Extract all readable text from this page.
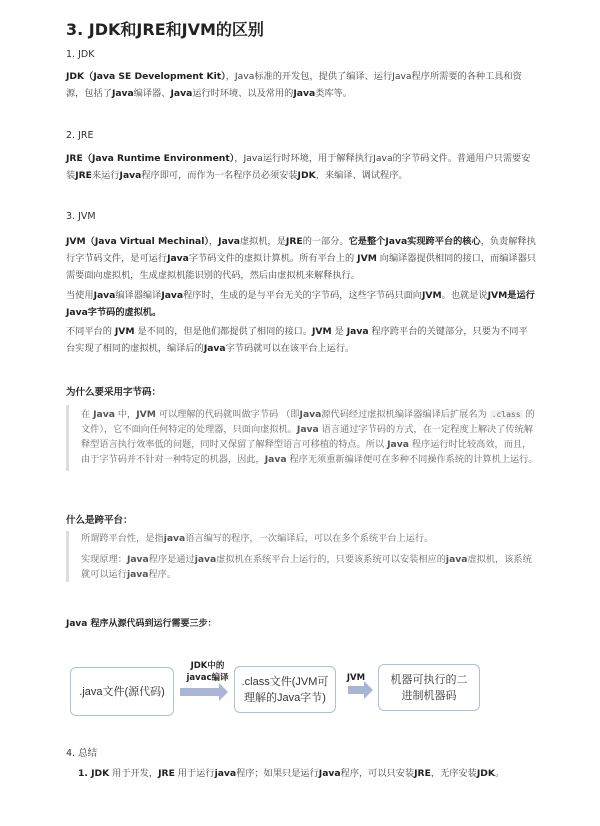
3. JDK和JRE和JVM的区别
1. JDK
JDK（Java SE Development Kit），Java标准的开发包，提供了编译、运行Java程序所需要的各种工具和资源，包括了Java编译器、Java运行时环境、以及常用的Java类库等。
2. JRE
JRE（Java Runtime Environment），Java运行时环境，用于解释执行Java的字节码文件。普通用户只需要安装JRE来运行Java程序即可，而作为一名程序员必须安装JDK，来编译、调试程序。
3. JVM
JVM（Java Virtual Mechinal），Java虚拟机，是JRE的一部分。它是整个Java实现跨平台的核心，负责解释执行字节码文件，是可运行Java字节码文件的虚拟计算机。所有平台上的 JVM 向编译器提供相同的接口，而编译器只需要面向虚拟机，生成虚拟机能识别的代码，然后由虚拟机来解释执行。
当使用Java编译器编译Java程序时，生成的是与平台无关的字节码，这些字节码只面向JVM。也就是说JVM是运行Java字节码的虚拟机。
不同平台的 JVM 是不同的，但是他们都提供了相同的接口。JVM 是 Java 程序跨平台的关键部分，只要为不同平台实现了相同的虚拟机，编译后的Java字节码就可以在该平台上运行。
为什么要采用字节码：
在 Java 中，JVM 可以理解的代码就叫做字节码 （即Java源代码经过虚拟机编译器编译后扩展名为 .class 的文件），它不面向任何特定的处理器，只面向虚拟机。Java 语言通过字节码的方式，在一定程度上解决了传统解释型语言执行效率低的问题，同时又保留了解释型语言可移植的特点。所以 Java 程序运行时比较高效，而且，由于字节码并不针对一种特定的机器，因此，Java 程序无须重新编译便可在多种不同操作系统的计算机上运行。
什么是跨平台：
所谓跨平台性，是指java语言编写的程序，一次编译后，可以在多个系统平台上运行。
实现原理：Java程序是通过java虚拟机在系统平台上运行的，只要该系统可以安装相应的java虚拟机，该系统就可以运行java程序。
Java 程序从源代码到运行需要三步：
.java文件(源代码)
JDK中的
javac编译	.class文件(JVM可理解的Java字节)
JVM	机器可执行的二进制机器码
4. 总结
1. JDK 用于开发，JRE 用于运行java程序；如果只是运行Java程序，可以只安装JRE，无序安装JDK。
